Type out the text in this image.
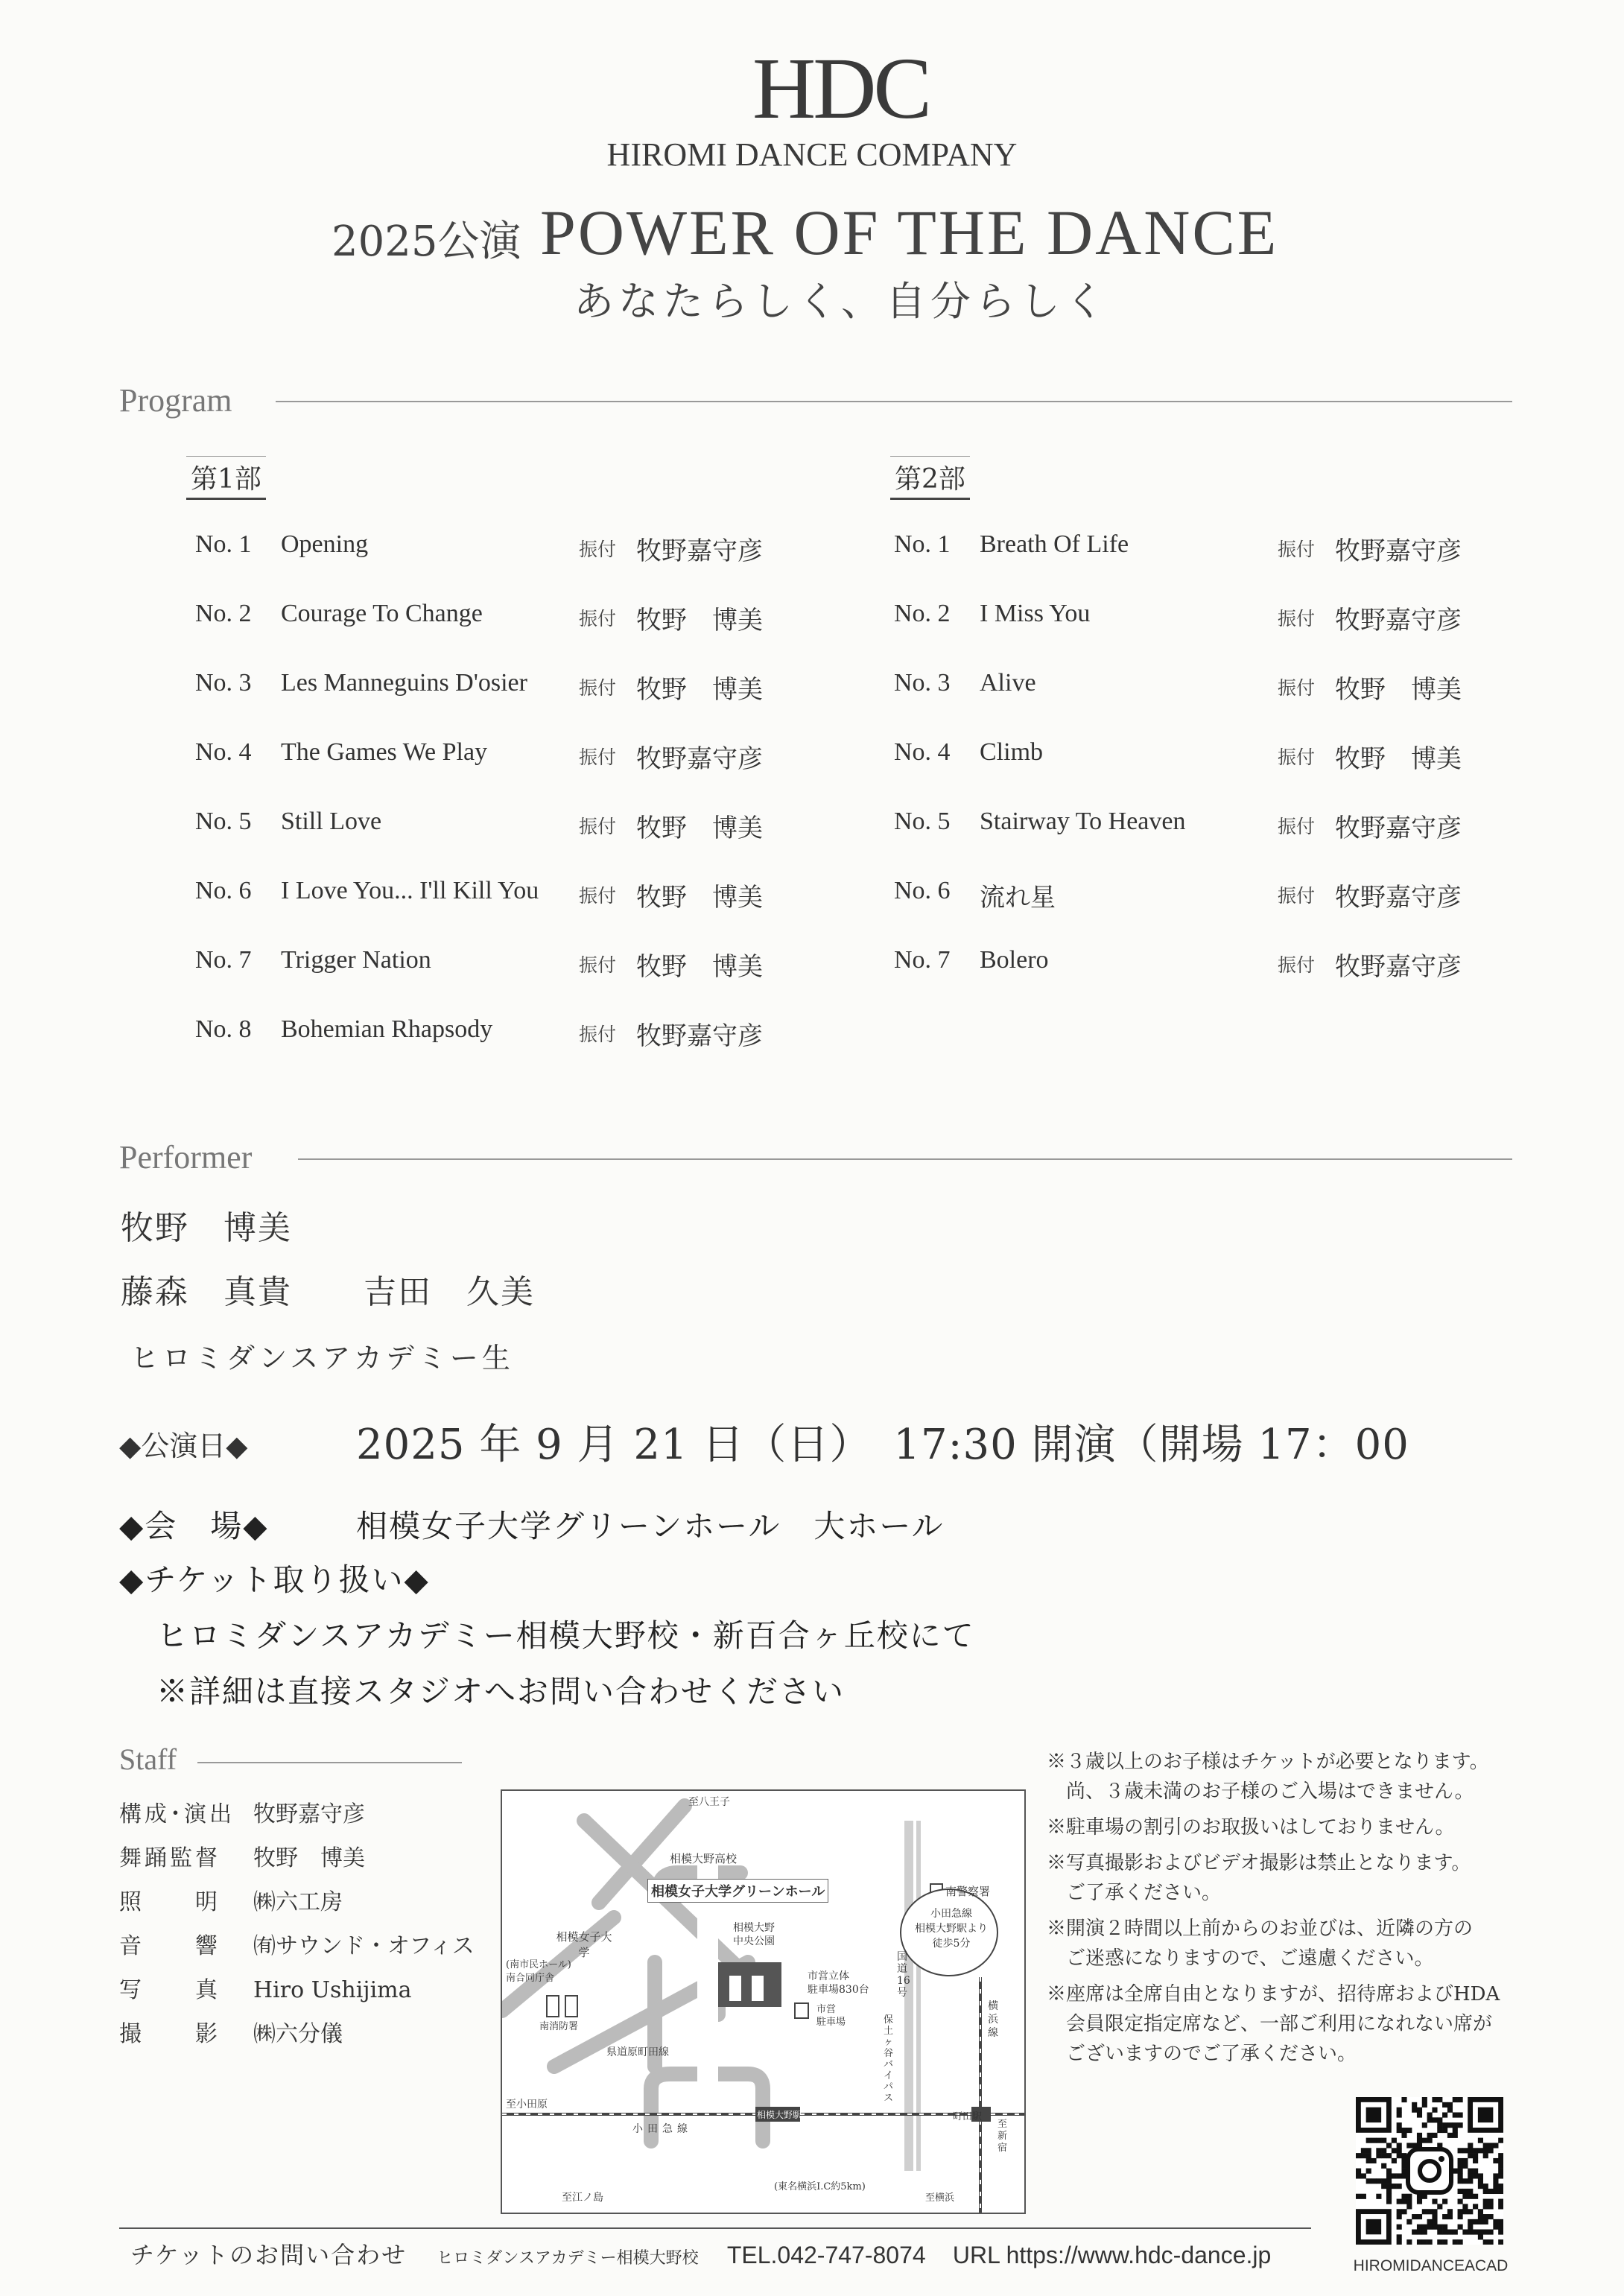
HDC
HIROMI DANCE COMPANY
2025公演 POWER OF THE DANCE
あなたらしく、自分らしく
Program
第1部	第2部
No. 1 Opening	振付 牧野嘉守彦
No. 2 Courage To Change	振付 牧野　博美
No. 3 Les Manneguins D'osier	振付 牧野　博美
No. 4 The Games We Play	振付 牧野嘉守彦
No. 5 Still Love	振付 牧野　博美
No. 6 I Love You... I'll Kill You 振付 牧野　博美
No. 7 Trigger Nation	振付 牧野　博美
No. 8 Bohemian Rhapsody	振付 牧野嘉守彦
No. 1 Breath Of Life	振付 牧野嘉守彦
No. 2 I Miss You	振付 牧野嘉守彦
No. 3 Alive	振付 牧野　博美
No. 4 Climb	振付 牧野　博美
No. 5 Stairway To Heaven	振付 牧野嘉守彦
No. 6 流れ星	振付 牧野嘉守彦
No. 7 Bolero	振付 牧野嘉守彦
Performer
牧野　博美
藤森　真貴 吉田　久美
ヒロミダンスアカデミー生
◆公演日◆	2025 年 9 月 21 日（日）　17:30 開演（開場 17：00
◆会　場◆	相模女子大学グリーンホール　大ホール
◆チケット取り扱い◆
ヒロミダンスアカデミー相模大野校・新百合ヶ丘校にて
※詳細は直接スタジオへお問い合わせください
Staff
構成･演出 牧野嘉守彦
舞踊監督 牧野　博美
照　　明 ㈱六工房
音　　響 ㈲サウンド・オフィス
写　　真 Hiro Ushijima
撮　　影 ㈱六分儀
至八王子
南警察署
相模大野高校
相模女子大学グリーンホール
相模女子大学
小田急線
相模大野駅より
徒歩5分
(南市民ホール)
南合同庁舎
南消防署
相模大野
中央公園
市営立体
駐車場830台
市営
駐車場
国道16号
保土ヶ谷バイパス
県道原町田線
横浜線
至小田原
小田急線
相模大野駅	町田駅
至新宿
至江ノ島	至横浜
(東名横浜I.C約5km)
※３歳以上のお子様はチケットが必要となります。
　尚、３歳未満のお子様のご入場はできません。
※駐車場の割引のお取扱いはしておりません。
※写真撮影およびビデオ撮影は禁止となります。
　ご了承ください。
※開演２時間以上前からのお並びは、近隣の方の
　ご迷惑になりますので、ご遠慮ください。
※座席は全席自由となりますが、招待席およびHDA
　会員限定指定席など、一部ご利用になれない席が
　ございますのでご了承ください。
HIROMIDANCEACAD
チケットのお問い合わせ ヒロミダンスアカデミー相模大野校 TEL.042-747-8074 URL https://www.hdc-dance.jp
